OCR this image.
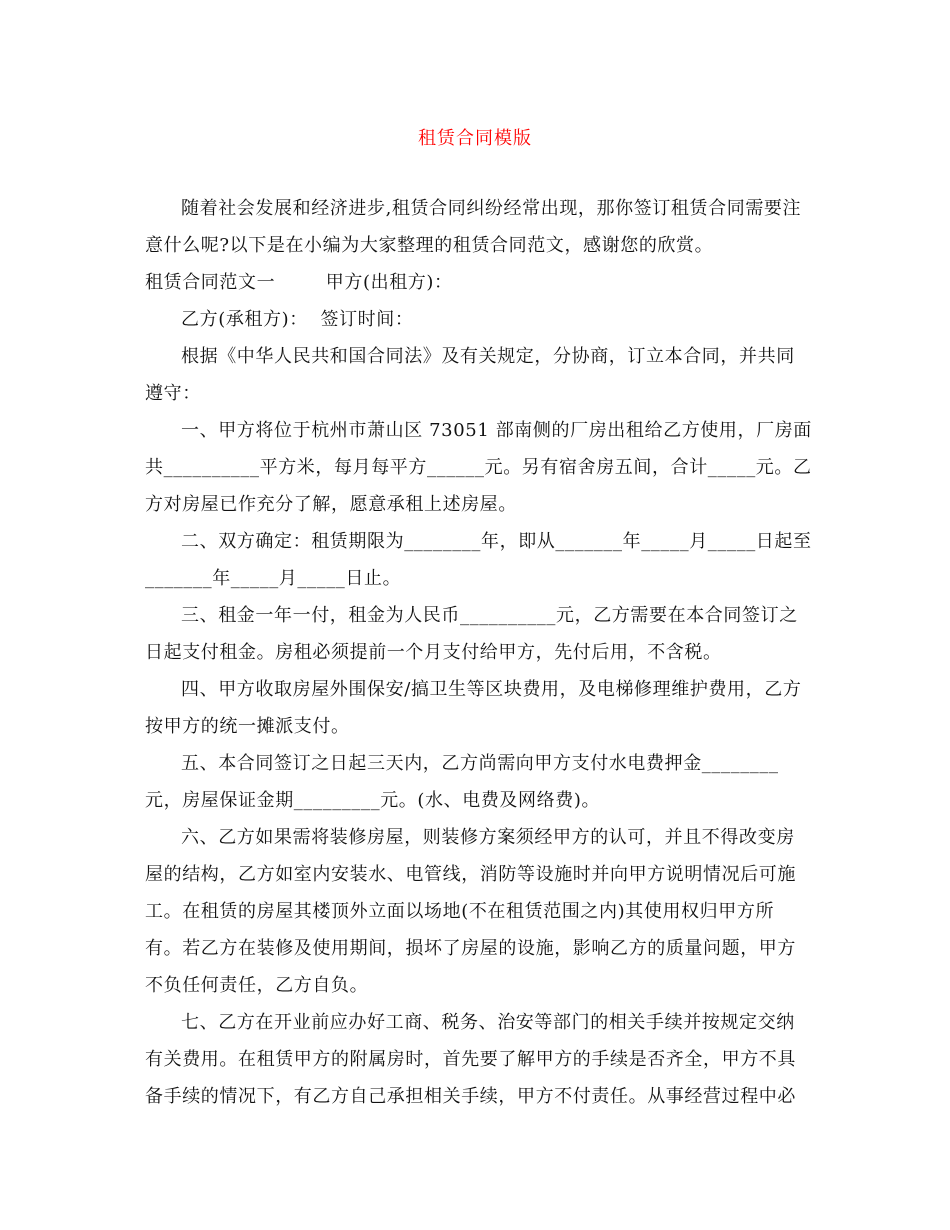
租赁合同模版
随着社会发展和经济进步,租赁合同纠纷经常出现，那你签订租赁合同需要注
意什么呢?以下是在小编为大家整理的租赁合同范文，感谢您的欣赏。
租赁合同范文一        甲方(出租方)：
乙方(承租方)：  签订时间：
根据《中华人民共和国合同法》及有关规定，分协商，订立本合同，并共同
遵守：
一、甲方将位于杭州市萧山区 73051 部南侧的厂房出租给乙方使用，厂房面
共__________平方米，每月每平方______元。另有宿舍房五间，合计_____元。乙
方对房屋已作充分了解，愿意承租上述房屋。
二、双方确定：租赁期限为________年，即从_______年_____月_____日起至
_______年_____月_____日止。
三、租金一年一付，租金为人民币__________元，乙方需要在本合同签订之
日起支付租金。房租必须提前一个月支付给甲方，先付后用，不含税。
四、甲方收取房屋外围保安/搞卫生等区块费用，及电梯修理维护费用，乙方
按甲方的统一摊派支付。
五、本合同签订之日起三天内，乙方尚需向甲方支付水电费押金________
元，房屋保证金期_________元。(水、电费及网络费)。
六、乙方如果需将装修房屋，则装修方案须经甲方的认可，并且不得改变房
屋的结构，乙方如室内安装水、电管线，消防等设施时并向甲方说明情况后可施
工。在租赁的房屋其楼顶外立面以场地(不在租赁范围之内)其使用权归甲方所
有。若乙方在装修及使用期间，损坏了房屋的设施，影响乙方的质量问题，甲方
不负任何责任，乙方自负。
七、乙方在开业前应办好工商、税务、治安等部门的相关手续并按规定交纳
有关费用。在租赁甲方的附属房时，首先要了解甲方的手续是否齐全，甲方不具
备手续的情况下，有乙方自己承担相关手续，甲方不付责任。从事经营过程中必
